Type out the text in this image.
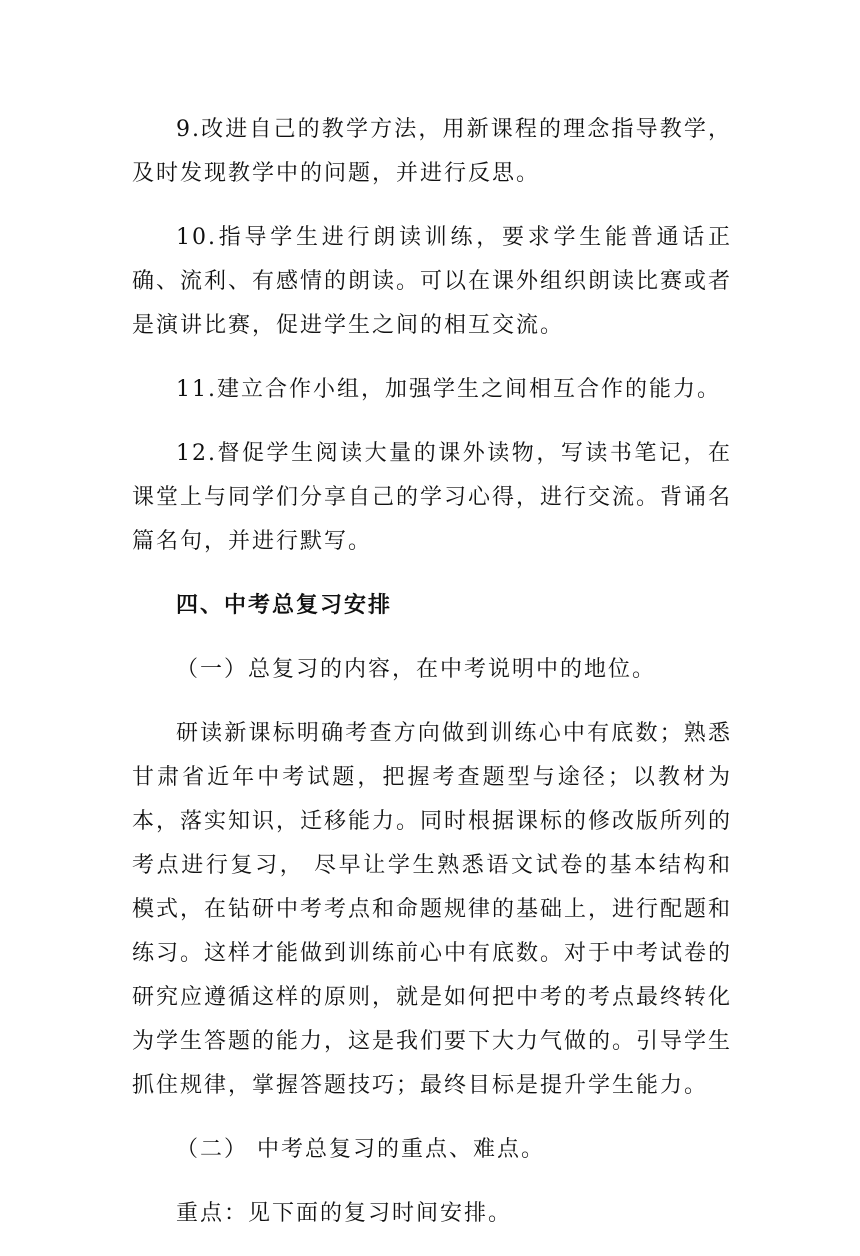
9.改进自己的教学方法，用新课程的理念指导教学，及时发现教学中的问题，并进行反思。

10.指导学生进行朗读训练，要求学生能普通话正确、流利、有感情的朗读。可以在课外组织朗读比赛或者是演讲比赛，促进学生之间的相互交流。

11.建立合作小组，加强学生之间相互合作的能力。

12.督促学生阅读大量的课外读物，写读书笔记，在课堂上与同学们分享自己的学习心得，进行交流。背诵名篇名句，并进行默写。

四、中考总复习安排

（一）总复习的内容，在中考说明中的地位。

研读新课标明确考查方向做到训练心中有底数；熟悉甘肃省近年中考试题，把握考查题型与途径；以教材为本，落实知识，迁移能力。同时根据课标的修改版所列的考点进行复习， 尽早让学生熟悉语文试卷的基本结构和模式，在钻研中考考点和命题规律的基础上，进行配题和练习。这样才能做到训练前心中有底数。对于中考试卷的研究应遵循这样的原则，就是如何把中考的考点最终转化为学生答题的能力，这是我们要下大力气做的。引导学生抓住规律，掌握答题技巧；最终目标是提升学生能力。

（二） 中考总复习的重点、难点。

重点：见下面的复习时间安排。
